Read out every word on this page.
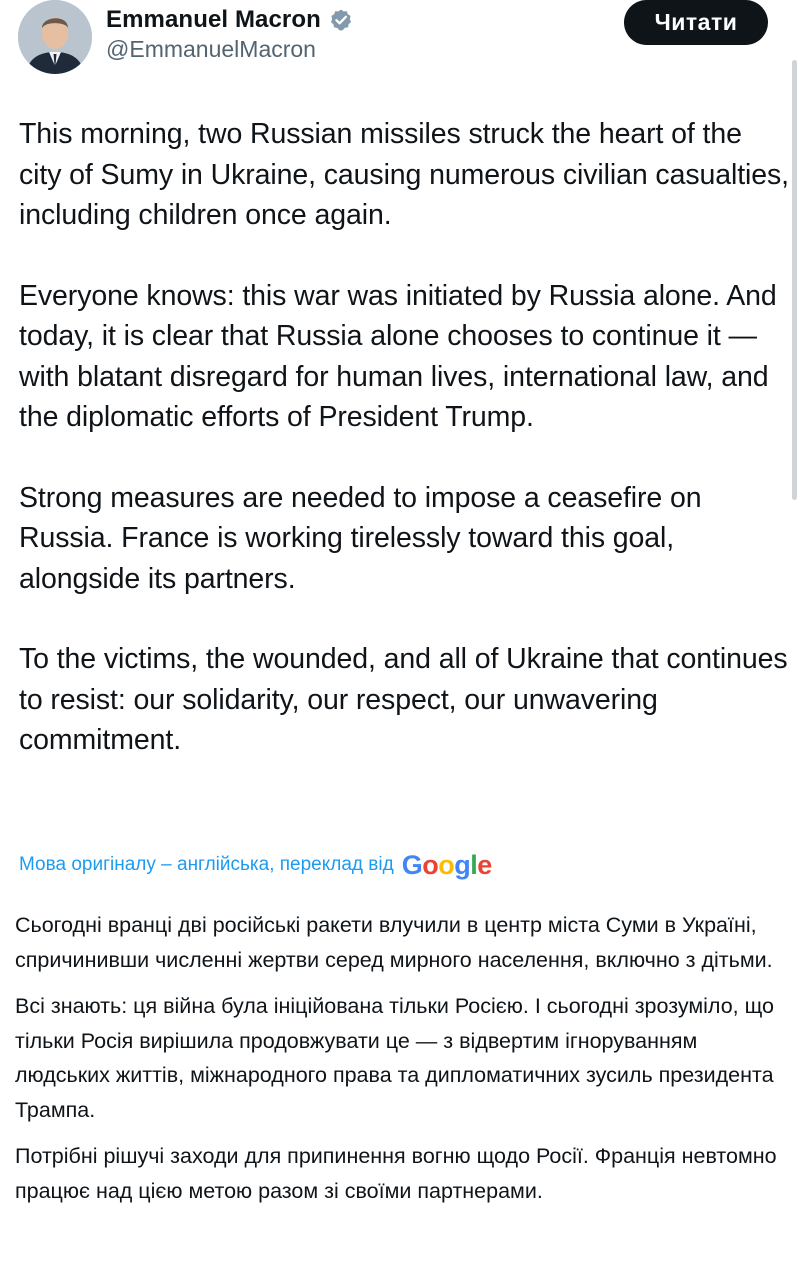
Emmanuel Macron
@EmmanuelMacron
Читати

This morning, two Russian missiles struck the heart of the city of Sumy in Ukraine, causing numerous civilian casualties, including children once again.

Everyone knows: this war was initiated by Russia alone. And today, it is clear that Russia alone chooses to continue it — with blatant disregard for human lives, international law, and the diplomatic efforts of President Trump.

Strong measures are needed to impose a ceasefire on Russia. France is working tirelessly toward this goal, alongside its partners.

To the victims, the wounded, and all of Ukraine that continues to resist: our solidarity, our respect, our unwavering commitment.

Мова оригіналу – англійська, переклад від Google

Сьогодні вранці дві російські ракети влучили в центр міста Суми в Україні, спричинивши численні жертви серед мирного населення, включно з дітьми.

Всі знають: ця війна була ініційована тільки Росією. І сьогодні зрозуміло, що тільки Росія вирішила продовжувати це — з відвертим ігноруванням людських життів, міжнародного права та дипломатичних зусиль президента Трампа.

Потрібні рішучі заходи для припинення вогню щодо Росії. Франція невтомно працює над цією метою разом зі своїми партнерами.
